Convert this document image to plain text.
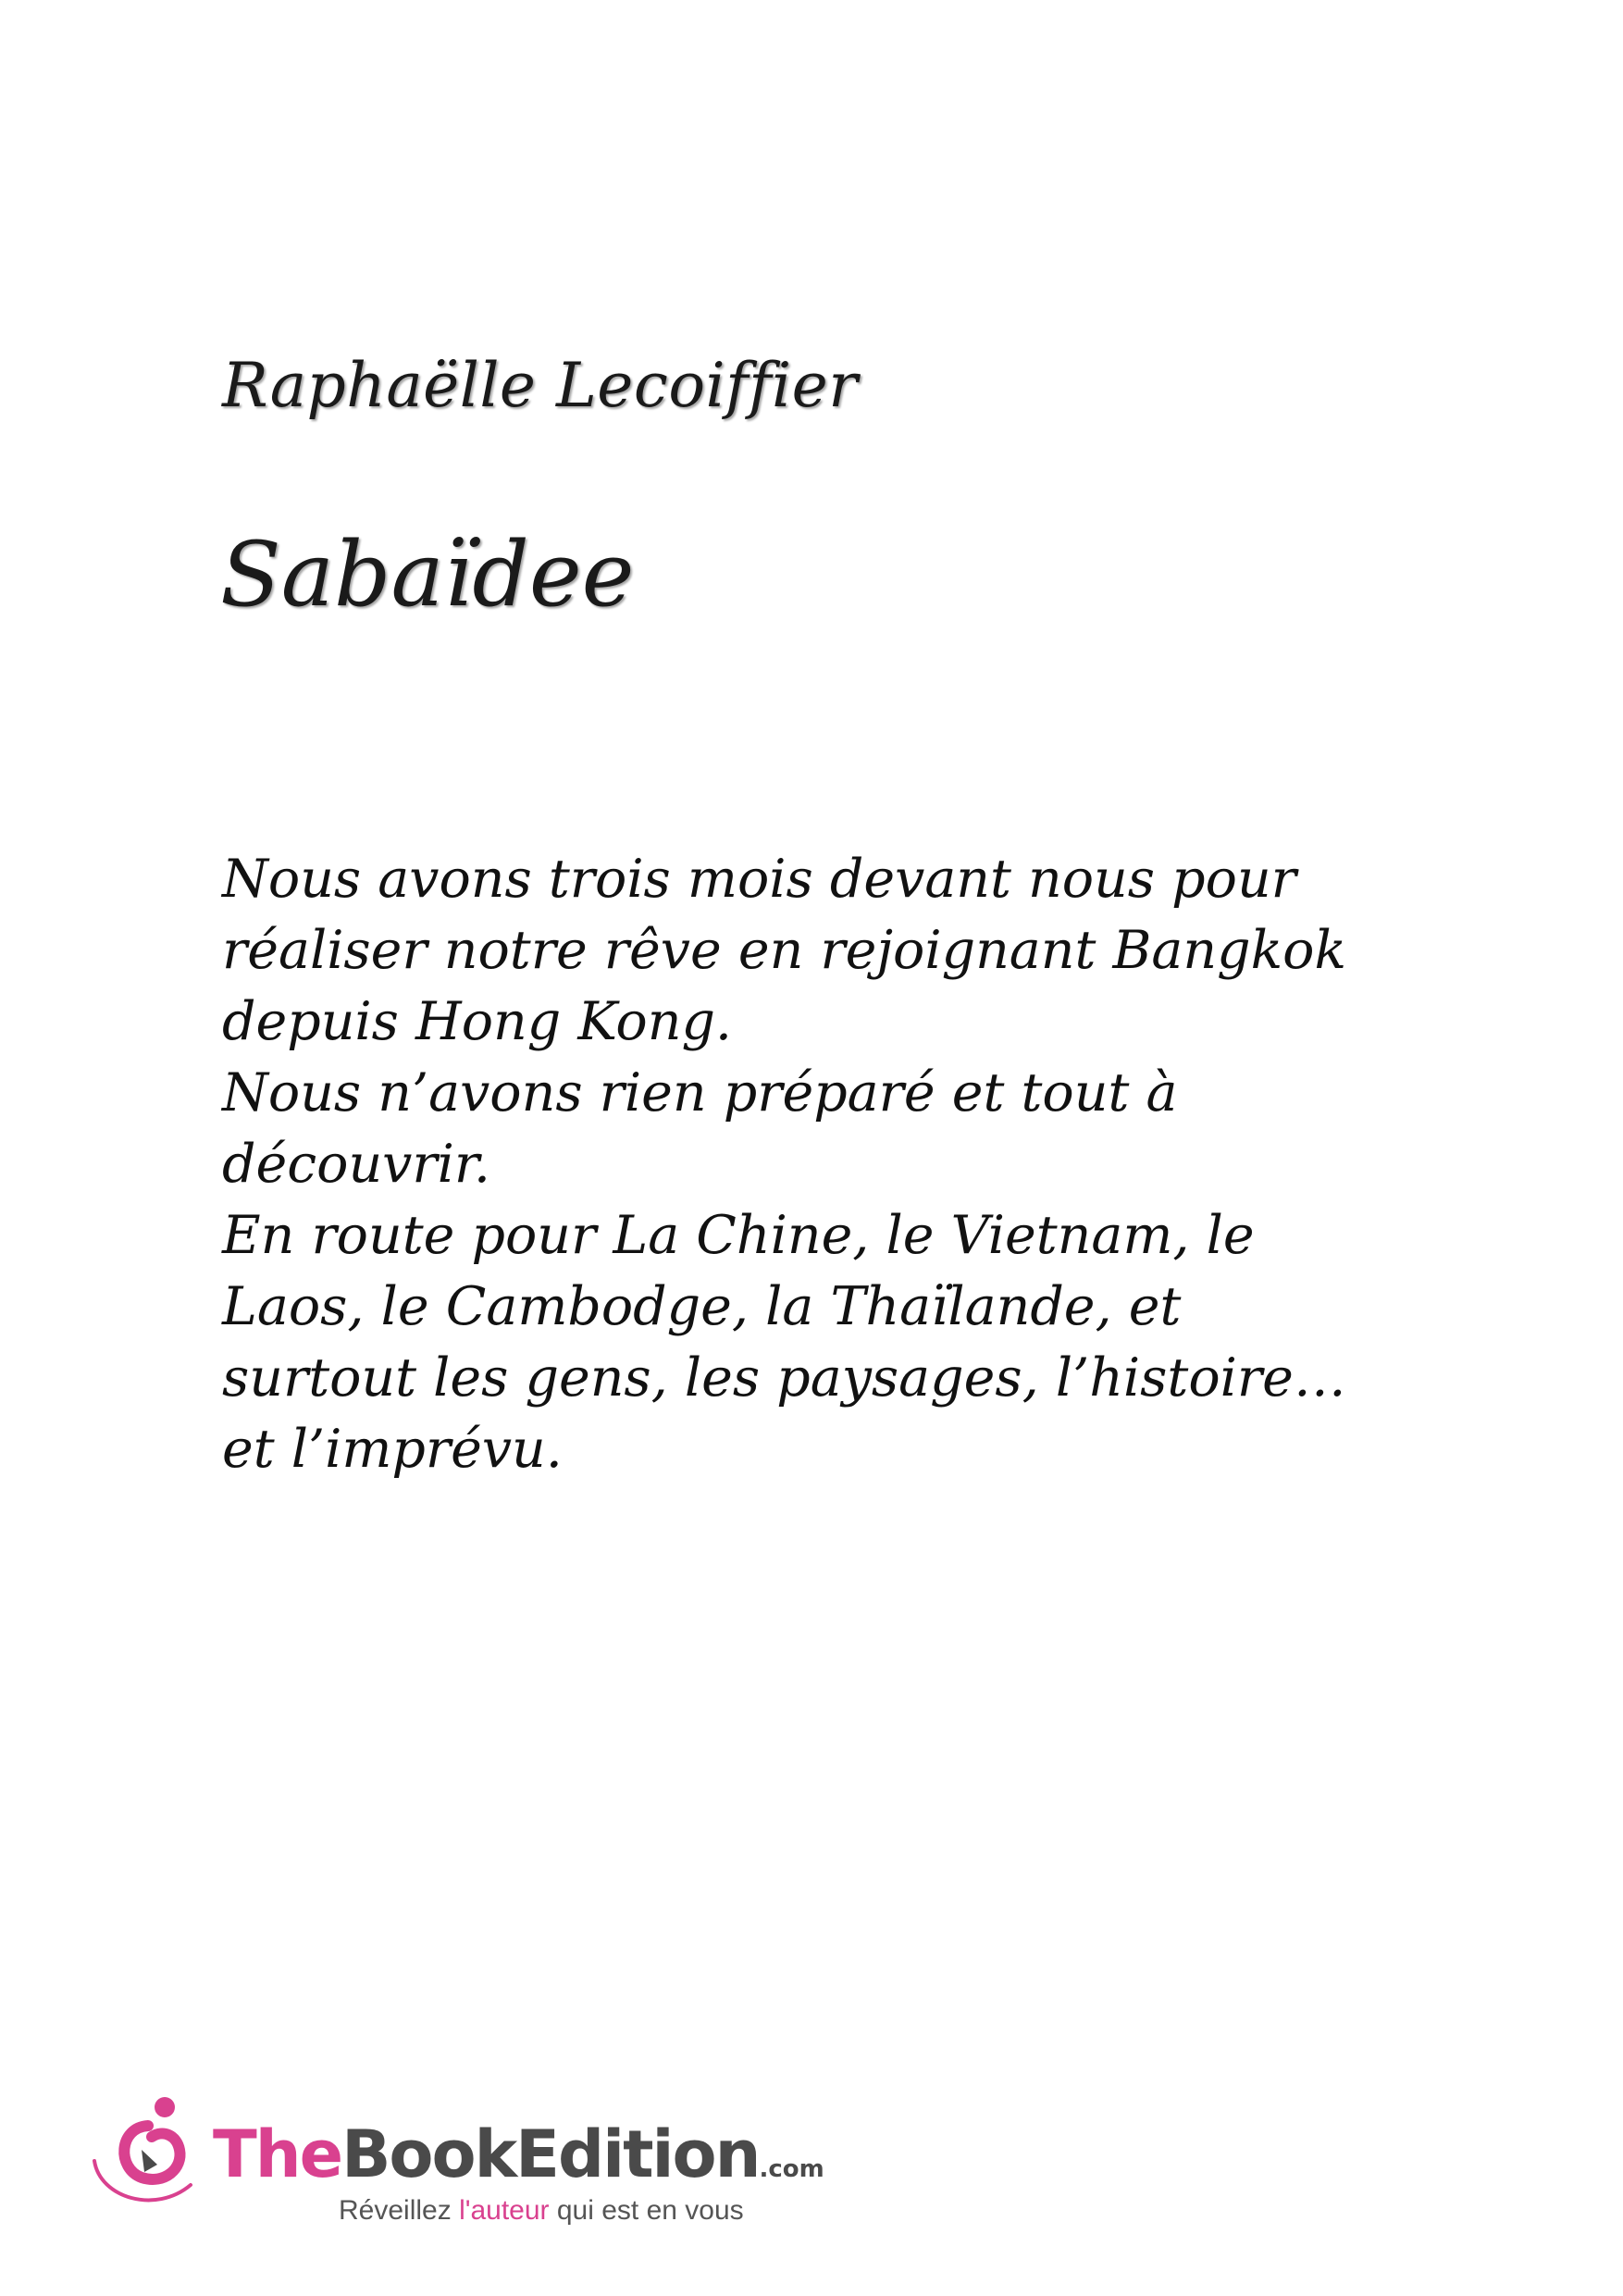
Raphaëlle Lecoiffier
Sabaïdee
Nous avons trois mois devant nous pour
réaliser notre rêve en rejoignant Bangkok
depuis Hong Kong.
Nous n’avons rien préparé et tout à
découvrir.
En route pour La Chine, le Vietnam, le
Laos, le Cambodge, la Thaïlande, et
surtout les gens, les paysages, l’histoire…
et l’imprévu.
TheBookEdition.com
Réveillez l'auteur qui est en vous
